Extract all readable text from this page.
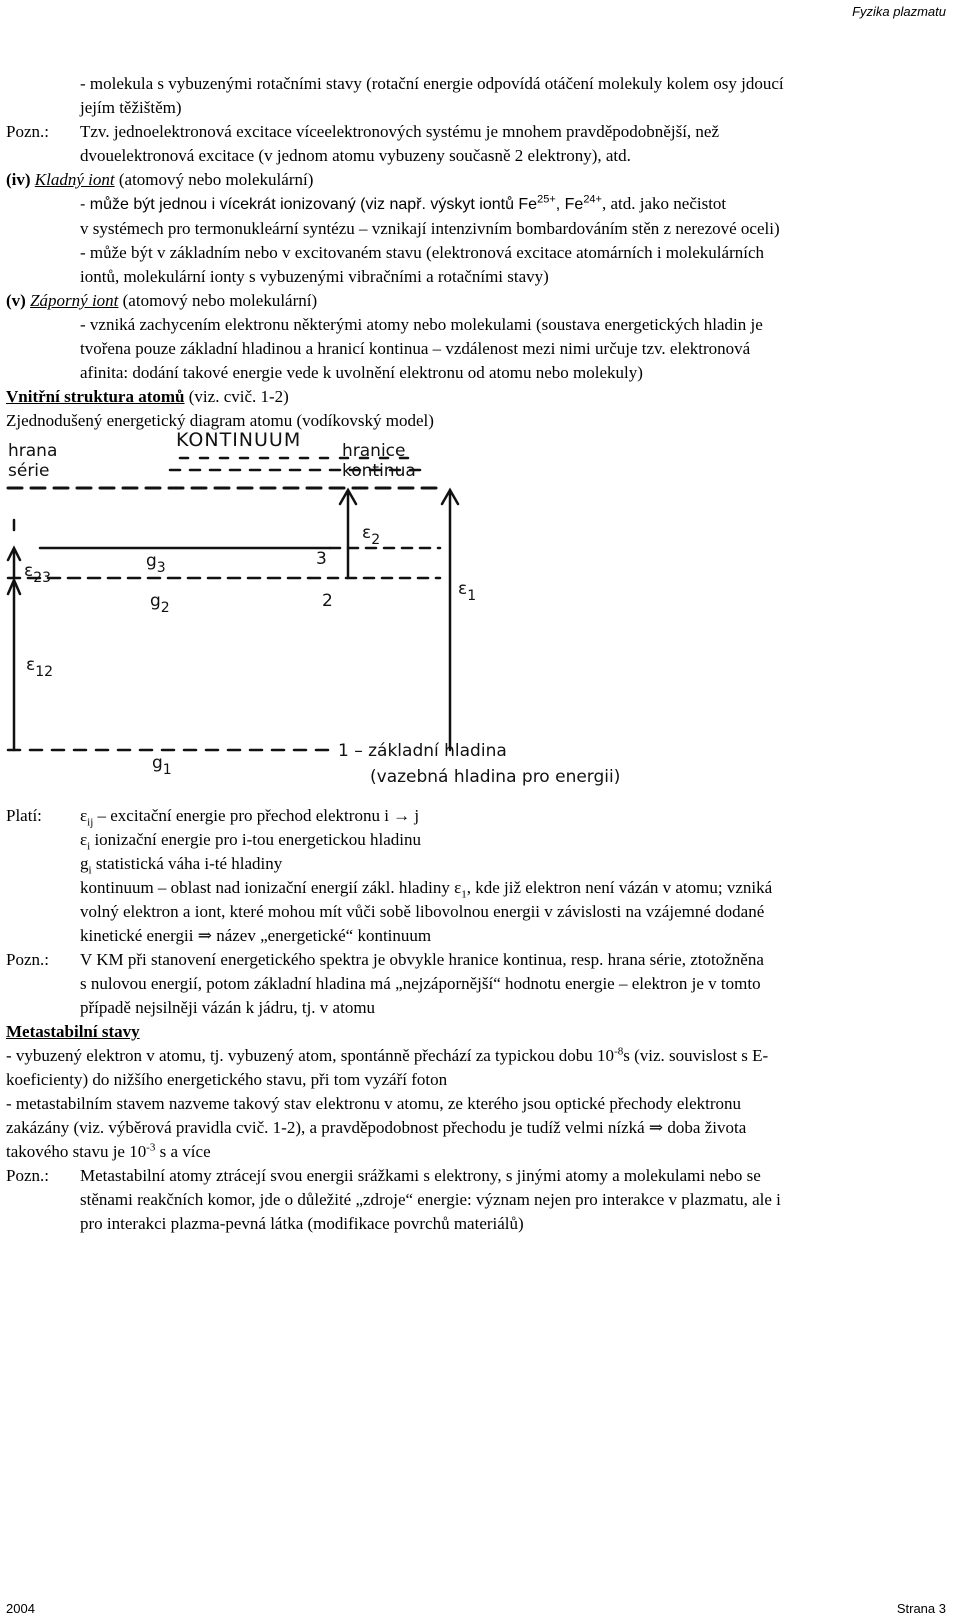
Fyzika plazmatu
- molekula s vybuzenými rotačními stavy (rotační energie odpovídá otáčení molekuly kolem osy jdoucí
jejím těžištěm)
Pozn.:	Tzv. jednoelektronová excitace víceelektronových systému je mnohem pravděpodobnější, než
dvouelektronová excitace (v jednom atomu vybuzeny současně 2 elektrony), atd.
(iv) Kladný iont (atomový nebo molekulární)
- může být jednou i vícekrát ionizovaný (viz např. výskyt iontů $Fe^{25+}$, $Fe^{24+}$, atd. jako nečistot
v systémech pro termonukleární syntézu – vznikají intenzivním bombardováním stěn z nerezové oceli)
- může být v základním nebo v excitovaném stavu (elektronová excitace atomárních i molekulárních
iontů, molekulární ionty s vybuzenými vibračními a rotačními stavy)
(v) Záporný iont (atomový nebo molekulární)
- vzniká zachycením elektronu některými atomy nebo molekulami (soustava energetických hladin je
tvořena pouze základní hladinou a hranicí kontinua – vzdálenost mezi nimi určuje tzv. elektronová
afinita: dodání takové energie vede k uvolnění elektronu od atomu nebo molekuly)
Vnitřní struktura atomů (viz. cvič. 1-2)
Zjednodušený energetický diagram atomu (vodíkovský model)
KONTINUUM
hrana
série
hranice
kontinua
$\varepsilon_2$
$\varepsilon_1$
$\varepsilon_{23}$
$\varepsilon_{12}$
$g_3$
$g_2$
$g_1$
3
2
1 – základní hladina
(vazebná hladina pro energii)
Platí:	$\varepsilon_{ij}$ – excitační energie pro přechod elektronu i → j
$\varepsilon_i$ ionizační energie pro i-tou energetickou hladinu
$g_i$ statistická váha i-té hladiny
kontinuum – oblast nad ionizační energií zákl. hladiny $\varepsilon_1$, kde již elektron není vázán v atomu; vzniká
volný elektron a iont, které mohou mít vůči sobě libovolnou energii v závislosti na vzájemné dodané
kinetické energii ⇒ název „energetické“ kontinuum
Pozn.:	V KM při stanovení energetického spektra je obvykle hranice kontinua, resp. hrana série, ztotožněna
s nulovou energií, potom základní hladina má „nejzápornější“ hodnotu energie – elektron je v tomto
případě nejsilněji vázán k jádru, tj. v atomu
Metastabilní stavy
- vybuzený elektron v atomu, tj. vybuzený atom, spontánně přechází za typickou dobu $10^{-8}s$ (viz. souvislost s E-
koeficienty) do nižšího energetického stavu, při tom vyzáří foton
- metastabilním stavem nazveme takový stav elektronu v atomu, ze kterého jsou optické přechody elektronu
zakázány (viz. výběrová pravidla cvič. 1-2), a pravděpodobnost přechodu je tudíž velmi nízká ⇒ doba života
takového stavu je $10^{-3}$ s a více
Pozn.:	Metastabilní atomy ztrácejí svou energii srážkami s elektrony, s jinými atomy a molekulami nebo se
stěnami reakčních komor, jde o důležité „zdroje“ energie: význam nejen pro interakce v plazmatu, ale i
pro interakci plazma-pevná látka (modifikace povrchů materiálů)
2004	Strana 3
